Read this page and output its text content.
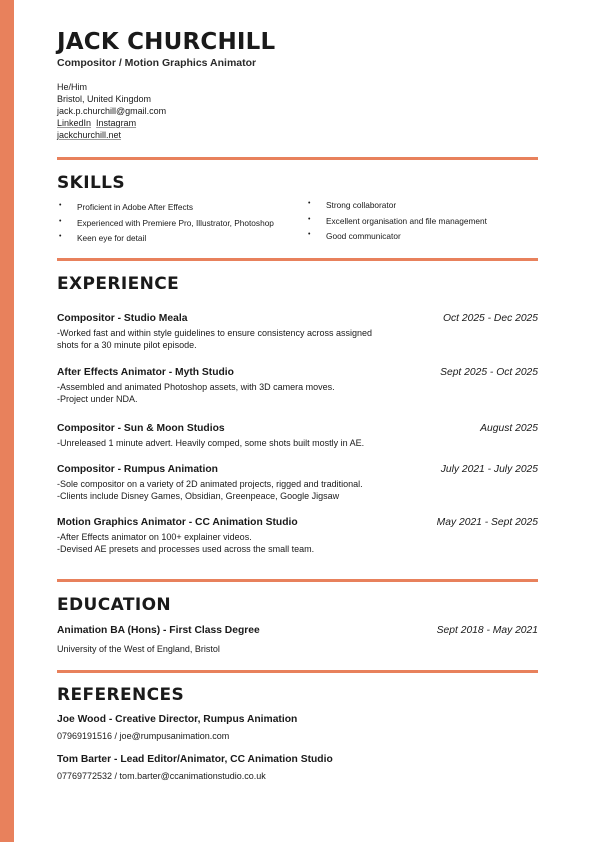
JACK CHURCHILL
Compositor / Motion Graphics Animator
He/Him
Bristol, United Kingdom
jack.p.churchill@gmail.com
LinkedIn Instagram
jackchurchill.net
SKILLS
• Proficient in Adobe After Effects
• Experienced with Premiere Pro, Illustrator, Photoshop
• Keen eye for detail
• Strong collaborator
• Excellent organisation and file management
• Good communicator
EXPERIENCE
Compositor - Studio Meala	Oct 2025 - Dec 2025
-Worked fast and within style guidelines to ensure consistency across assigned
shots for a 30 minute pilot episode.
After Effects Animator - Myth Studio	Sept 2025 - Oct 2025
-Assembled and animated Photoshop assets, with 3D camera moves.
-Project under NDA.
Compositor - Sun & Moon Studios	August 2025
-Unreleased 1 minute advert. Heavily comped, some shots built mostly in AE.
Compositor - Rumpus Animation	July 2021 - July 2025
-Sole compositor on a variety of 2D animated projects, rigged and traditional.
-Clients include Disney Games, Obsidian, Greenpeace, Google Jigsaw
Motion Graphics Animator - CC Animation Studio	May 2021 - Sept 2025
-After Effects animator on 100+ explainer videos.
-Devised AE presets and processes used across the small team.
EDUCATION
Animation BA (Hons) - First Class Degree	Sept 2018 - May 2021
University of the West of England, Bristol
REFERENCES
Joe Wood - Creative Director, Rumpus Animation
07969191516 / joe@rumpusanimation.com
Tom Barter - Lead Editor/Animator, CC Animation Studio
07769772532 / tom.barter@ccanimationstudio.co.uk
